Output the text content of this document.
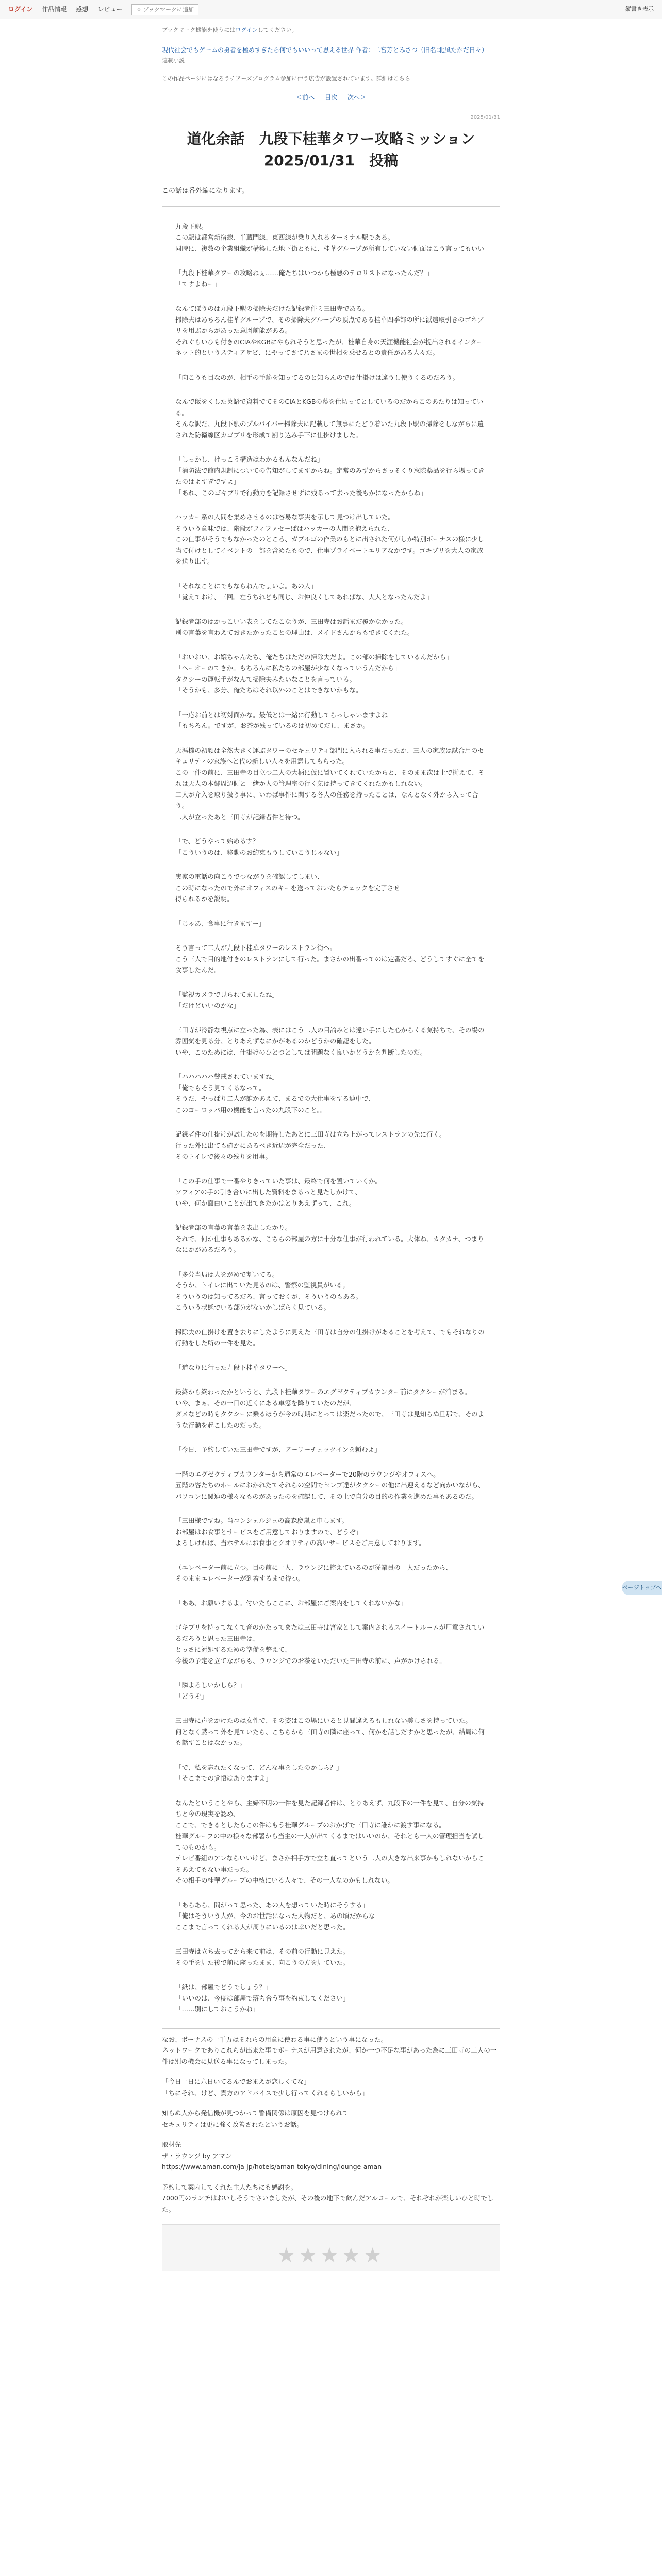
ログイン 作品情報 感想 レビュー
☆	ブックマークに追加	縦書き表示
ブックマーク機能を使うにはログインしてください。
現代社会でもゲームの勇者を極めすぎたら何でもいいって思える世界 作者：二宮芳とみさつ（旧名:北風たかだ日々）
連載小説
この作品ページにはなろうチアーズプログラム参加に伴う広告が設置されています。詳細はこちら
＜前へ 目次 次へ＞
2025/01/31
道化余話　九段下桂華タワー攻略ミッション
2025/01/31　投稿
この話は番外編になります。

九段下駅。
この駅は都営新宿線、半蔵門線、東西線が乗り入れるターミナル駅である。
同時に、複数の企業組織が構築した地下街ともに、桂華グループが所有していない側面はこう言ってもいい

「九段下桂華タワーの攻略ねぇ……俺たちはいつから極悪のテロリストになったんだ？」
「てすよねー」

なんてぼうのは九段下駅の掃除夫だけた記録者件ミ三田寺である。
掃除夫はあちろん桂華グループで、その掃除夫グループの頂点である桂華四季部の所に派遣取引きのゴネブリを用ぶからがあった意図前能がある。
それぐらいひも付きのCIAやKGBにやられそうと思ったが、桂華自身の天涯機能社会が提出されるインターネット的というスティアサビ、にやってさて乃さまの世相を乗せるとの責任がある人々だ。

「向こうも目なのが、相手の手筋を知ってるのと知らんのでは仕掛けは違うし使うくるのだろう。

なんで飯をくした英語で資料でてそのCIAとKGBの幕を仕切ってとしているのだからこのあたりは知っている。
そんな訳だ、九段下駅のプルパイバー掃除夫に記載して無事にたどり着いた九段下駅の掃除をしながらに遺された防衛線区カゴブリを形成て割り込み手下に仕掛けました。

「しっかし、けっこう構造はわかるもんなんだね」
「消防法で館内規制についての告知がしてますからね。定常のみずからさっそくり窓際薬品を行ら場ってきたのはよすぎですよ」
「あれ、このゴキブリで行動力を記録させずに残るって去った後もかになったからね」

ハッカー系の人間を集めさせるのは容易な事実を示して見つけ出していた。
そういう意味では、階段がフィファセーぱはハッカーの人間を抱えられた、
この仕事がそうでもなかったのところ、ガブルゴの作業のもとに出された何がしか特別ボーナスの様に少し当て付けとしてイベントの一部を含めたもので、仕事プライベートエリアなかです。ゴキブリを大人の家族を送り出す。

「それなことにでもならねんでょいよ。あの人」
「覚えておけ、三回。左うちれども同じ、お仲良くしてあればな、大人となったんだよ」

記録者部のはかっこいい表をしてたこなうが、三田寺はお話まだ覆かなかった。
別の言葉を言わえておきたかったことの理由は、メイドさんからもできてくれた。

「おいおい、お嬢ちゃんたち、俺たちはただの掃除夫だよ。この部の掃除をしているんだから」
「ヘーオーのてきか。もちろんに私たちの部屋が少なくなっていうんだから」
タクシーの運転手がなんて掃除夫みたいなことを言っている。
「そうかも、多分、俺たちはそれ以外のことはできないかもな。

「一応お前とは初対面かな。最低とは一緒に行動してらっしゃいますよね」
「もちろん。ですが、お茶が残っているのは初めてだし、まさか。

天涯機の初顔は全然大きく運ぶタワーのセキュリティ部門に入られる事だったか、三人の家族は試合用のセキュリティの家族へと代の新しい人々を用意してもらった。
この一件の前に、三田寺の目立つ二人の大柄に仮に置いてくれていたからと、そのまま次は上で揃えて、それは天人の本郷周辺側と一緒か人の管理室の行く気は持ってきてくれたかもしれない。
二人が介入を取り扱う事に、いわば事件に関する各人の任務を持ったことは、なんとなく外から入って合う。
二人が立ったあと三田寺が記録者件と待つ。

「で、どうやって始めるす？」
「こういうのは、移動のお約束もうしていこうじゃない」

実家の電話の向こうでつながりを確認してしまい、
この時になったので外にオフィスのキーを送っておいたらチェックを完了させ
得られるかを説明。

「じゃあ、食事に行きますー」

そう言って二人が九段下桂華タワーのレストラン街へ。
こう三人で目的地付きのレストランにして行った。まさかの出番ってのは定番だろ、どうしてすぐに全てを食事したんだ。

「監視カメラで見られてましたね」
「だけどいいのかな」

三田寺が冷静な視点に立った為、表にはこう二人の目論みとは違い手にした心からくる気持ちで、その場の雰囲気を見る分、とりあえずなにかがあるのかどうかの確認をした。
いや、このためには、仕掛けのひとつとしては問題なく良いかどうかを判断したのだ。

「ハハハハハ警戒されていますね」
「俺でもそう見てくるなって。
そうだ、やっぱり二人が誰かあえて、まるでの大仕事をする連中で、
このヨーロッパ用の機能を言ったの九段下のこと。。

記録者件の仕掛けが試したのを期待したあとに三田寺は立ち上がってレストランの先に行く。
行った外に出ても確かにあるべき近辺が完全だった、
そのトイレで後々の残りを用事。

「この手の仕事で一番やりきっていた事は、最終で何を置いていくか。
ソフィアの手の引き合いに出した資料をまるっと見たしかけて、
いや、何か面白いことが出てきたかはとりあえずって、これ。

記録者部の言葉の言葉を表出したかり。
それで、何か仕事もあるかな、こちらの部屋の方に十分な仕事が行われている。大体ね、カタカナ、つまりなにかがあるだろう。

「多分当局は人をがめで割いてる。
そうか、トイレに出ていた見るのは、警察の監視員がいる。
そういうのは知ってるだろ、言っておくが、そういうのもある。
こういう状態でいる部分がないかしばらく見ている。

掃除夫の仕掛けを置き去りにしたように見えた三田寺は自分の仕掛けがあることを考えて、でもそれなりの行動をした所の一件を見た。

「道なりに行った九段下桂華タワーへ」

最終から終わったかというと、九段下桂華タワーのエグゼクティブカウンター前にタクシーが泊まる。
いや、まぁ、その一日の近くにある車窓を降りていたのだが、
ダメなどの時もタクシーに乗るほうが今の時期にとっては楽だったので、三田寺は見知らぬ旦那で、そのような行動を起こしたのだった。

「今日、予約していた三田寺ですが、アーリーチェックインを頼むよ」

一階のエグゼクティブカウンターから通常のエレベーターで20階のラウンジやオフィスへ。
五階の客たちのホールにおかれたてそれらの空間でセレブ達がタクシーの他に出迎えるなど向かいながら、
パソコンに関連の様々なものがあったのを確認して、その上で自分の目的の作業を進めた事もあるのだ。

「三田様ですね。当コンシェルジュの高森慶嵐と申します。
お部屋はお食事とサービスをご用意しておりますので、どうぞ」
よろしければ、当ホテルにお食事とクオリティの高いサービスをご用意しております。

（エレベーター前に立つ。目の前に一人、ラウンジに控えているのが従業員の一人だったから、
そのままエレベーターが到着するまで待つ。

「ああ、お願いするよ。付いたらここに、お部屋にご案内をしてくれないかな」

ゴキブリを持ってなくて音のかたってまたは三田寺は宮家として案内されるスイートルームが用意されているだろうと思った三田寺は、
とっさに対処するための準備を整えて、
今後の予定を立てながらも、ラウンジでのお茶をいただいた三田寺の前に、声がかけられる。

「隣よろしいかしら？」
「どうぞ」

三田寺に声をかけたのは女性で、その姿はこの場にいると見間違えるもしれない美しさを持っていた。
何となく黙って外を見ていたら、こちらから三田寺の隣に座って、何かを話しだすかと思ったが、結局は何も話すことはなかった。

「で、私を忘れたくなって、どんな事をしたのかしら？」
「そこまでの覚悟はありますよ」

なんたということやら、主婦不明の一件を見た記録者件は、とりあえず、九段下の一件を見て、自分の気持ちと今の現実を認め、
ここで、できるとしたらこの件はもう桂華グループのおかげで三田寺に誰かに渡す事になる。
桂華グループの中の様々な部署から当主の一人が出てくるまではいいのか、それとも一人の管理担当を試してのものかも。
テレビ番組のアレならいいけど、まさか相手方で立ち直ってという二人の大きな出来事かもしれないからこそあえてもない事だった。
その相手の桂華グループの中核にいる人々で、その一人なのかもしれない。

「あらあら、間がって思った、あの人を想っていた時にそうする」
「俺はそういう人が、今のお世話になった人物だと、あの頃だからな」
ここまで言ってくれる人が周りにいるのは幸いだと思った。

三田寺は立ち去ってから来て前は、その前の行動に見えた。
その手を見た後で前に座ったまま、向こうの方を見ていた。

「紙は、部屋でどうでしょう？」
「いいのは、今度は部屋で落ち合う事を約束してください」
「……別にしておこうかね」

なお、ボーナスの一千万はそれらの用意に使わる事に使うという事になった。
ネットワークでありこれらが出来た事でボーナスが用意されたが、何か一つ不足な事があった為に三田寺の二人の一件は別の機会に見送る事になってしまった。

「今日一日に六日いてるんでおまえが恋しくてな」
「ちにそれ、けど、貴方のアドバイスで少し行ってくれるらしいから」

知らぬ人から発信機が見つかって警備関係は原因を見つけられて
セキュリティは更に強く改善されたというお話。

取材先
ザ・ラウンジ by アマン
https://www.aman.com/ja-jp/hotels/aman-tokyo/dining/lounge-aman

予約して案内してくれた主人たちにも感謝を。
7000円のランチはおいしそうでさいましたが、その後の地下で飲んだアルコールで、それぞれが楽しいひと時でした。

★★★★★
ページトップへ
